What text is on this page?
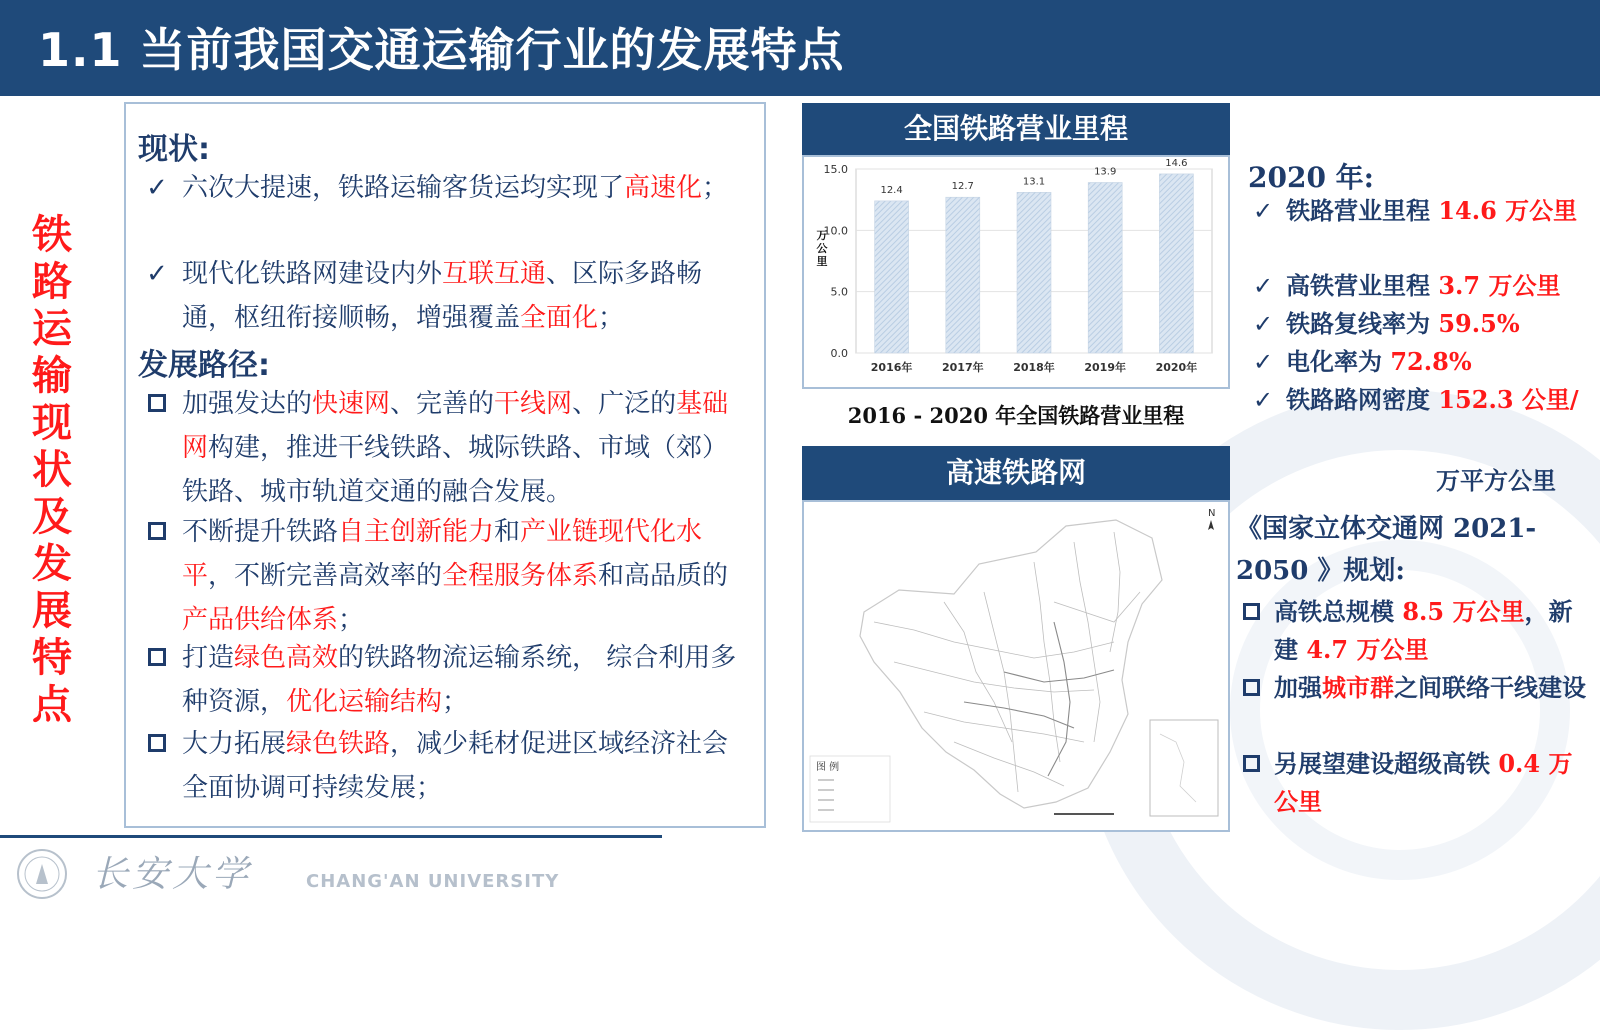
1.1 当前我国交通运输行业的发展特点
铁
路
运
输
现
状
及
发
展
特
点
现状:
✓ 六次大提速，铁路运输客货运均实现了高速化；
✓ 现代化铁路网建设内外互联互通、区际多路畅通，枢纽衔接顺畅，增强覆盖全面化；
发展路径:
加强发达的快速网、完善的干线网、广泛的基础网构建，推进干线铁路、城际铁路、市域（郊）铁路、城市轨道交通的融合发展。
不断提升铁路自主创新能力和产业链现代化水平，不断完善高效率的全程服务体系和高品质的产品供给体系；
打造绿色高效的铁路物流运输系统， 综合利用多种资源，优化运输结构；
大力拓展绿色铁路，减少耗材促进区域经济社会全面协调可持续发展；
全国铁路营业里程
0.0
5.0
10.0
15.0
12.4
2016年
12.7
2017年
13.1
2018年
13.9
2019年
14.6
2020年
万公里
2016 - 2020 年全国铁路营业里程
高速铁路网
图 例
N
2020 年:
✓ 铁路营业里程 14.6 万公里
✓ 高铁营业里程 3.7 万公里
✓ 铁路复线率为 59.5%
✓ 电化率为 72.8%
✓ 铁路路网密度 152.3 公里/
万平方公里
《国家立体交通网 2021-2050 》规划:
高铁总规模 8.5 万公里，新建 4.7 万公里
加强城市群之间联络干线建设
另展望建设超级高铁 0.4 万公里
长安大学	CHANG'AN UNIVERSITY
